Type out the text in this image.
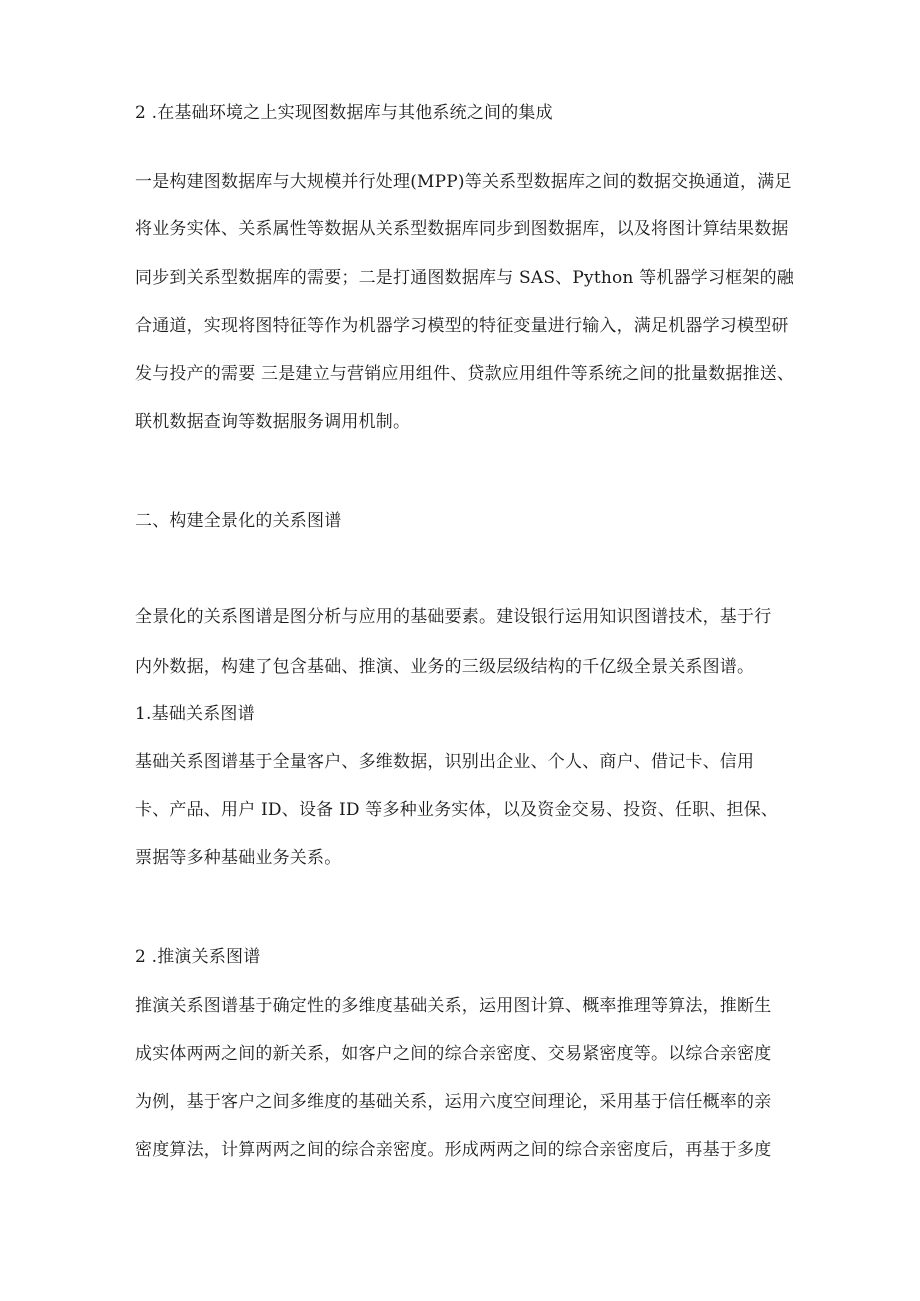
2 .在基础环境之上实现图数据库与其他系统之间的集成
一是构建图数据库与大规模并行处理(MPP)等关系型数据库之间的数据交换通道，满足
将业务实体、关系属性等数据从关系型数据库同步到图数据库，以及将图计算结果数据
同步到关系型数据库的需要；二是打通图数据库与 SAS、Python 等机器学习框架的融
合通道，实现将图特征等作为机器学习模型的特征变量进行输入，满足机器学习模型研
发与投产的需要 三是建立与营销应用组件、贷款应用组件等系统之间的批量数据推送、
联机数据查询等数据服务调用机制。
二、构建全景化的关系图谱
全景化的关系图谱是图分析与应用的基础要素。建设银行运用知识图谱技术，基于行
内外数据，构建了包含基础、推演、业务的三级层级结构的千亿级全景关系图谱。
1.基础关系图谱
基础关系图谱基于全量客户、多维数据，识别出企业、个人、商户、借记卡、信用
卡、产品、用户 ID、设备 ID 等多种业务实体，以及资金交易、投资、任职、担保、
票据等多种基础业务关系。
2 .推演关系图谱
推演关系图谱基于确定性的多维度基础关系，运用图计算、概率推理等算法，推断生
成实体两两之间的新关系，如客户之间的综合亲密度、交易紧密度等。以综合亲密度
为例，基于客户之间多维度的基础关系，运用六度空间理论，采用基于信任概率的亲
密度算法，计算两两之间的综合亲密度。形成两两之间的综合亲密度后，再基于多度
